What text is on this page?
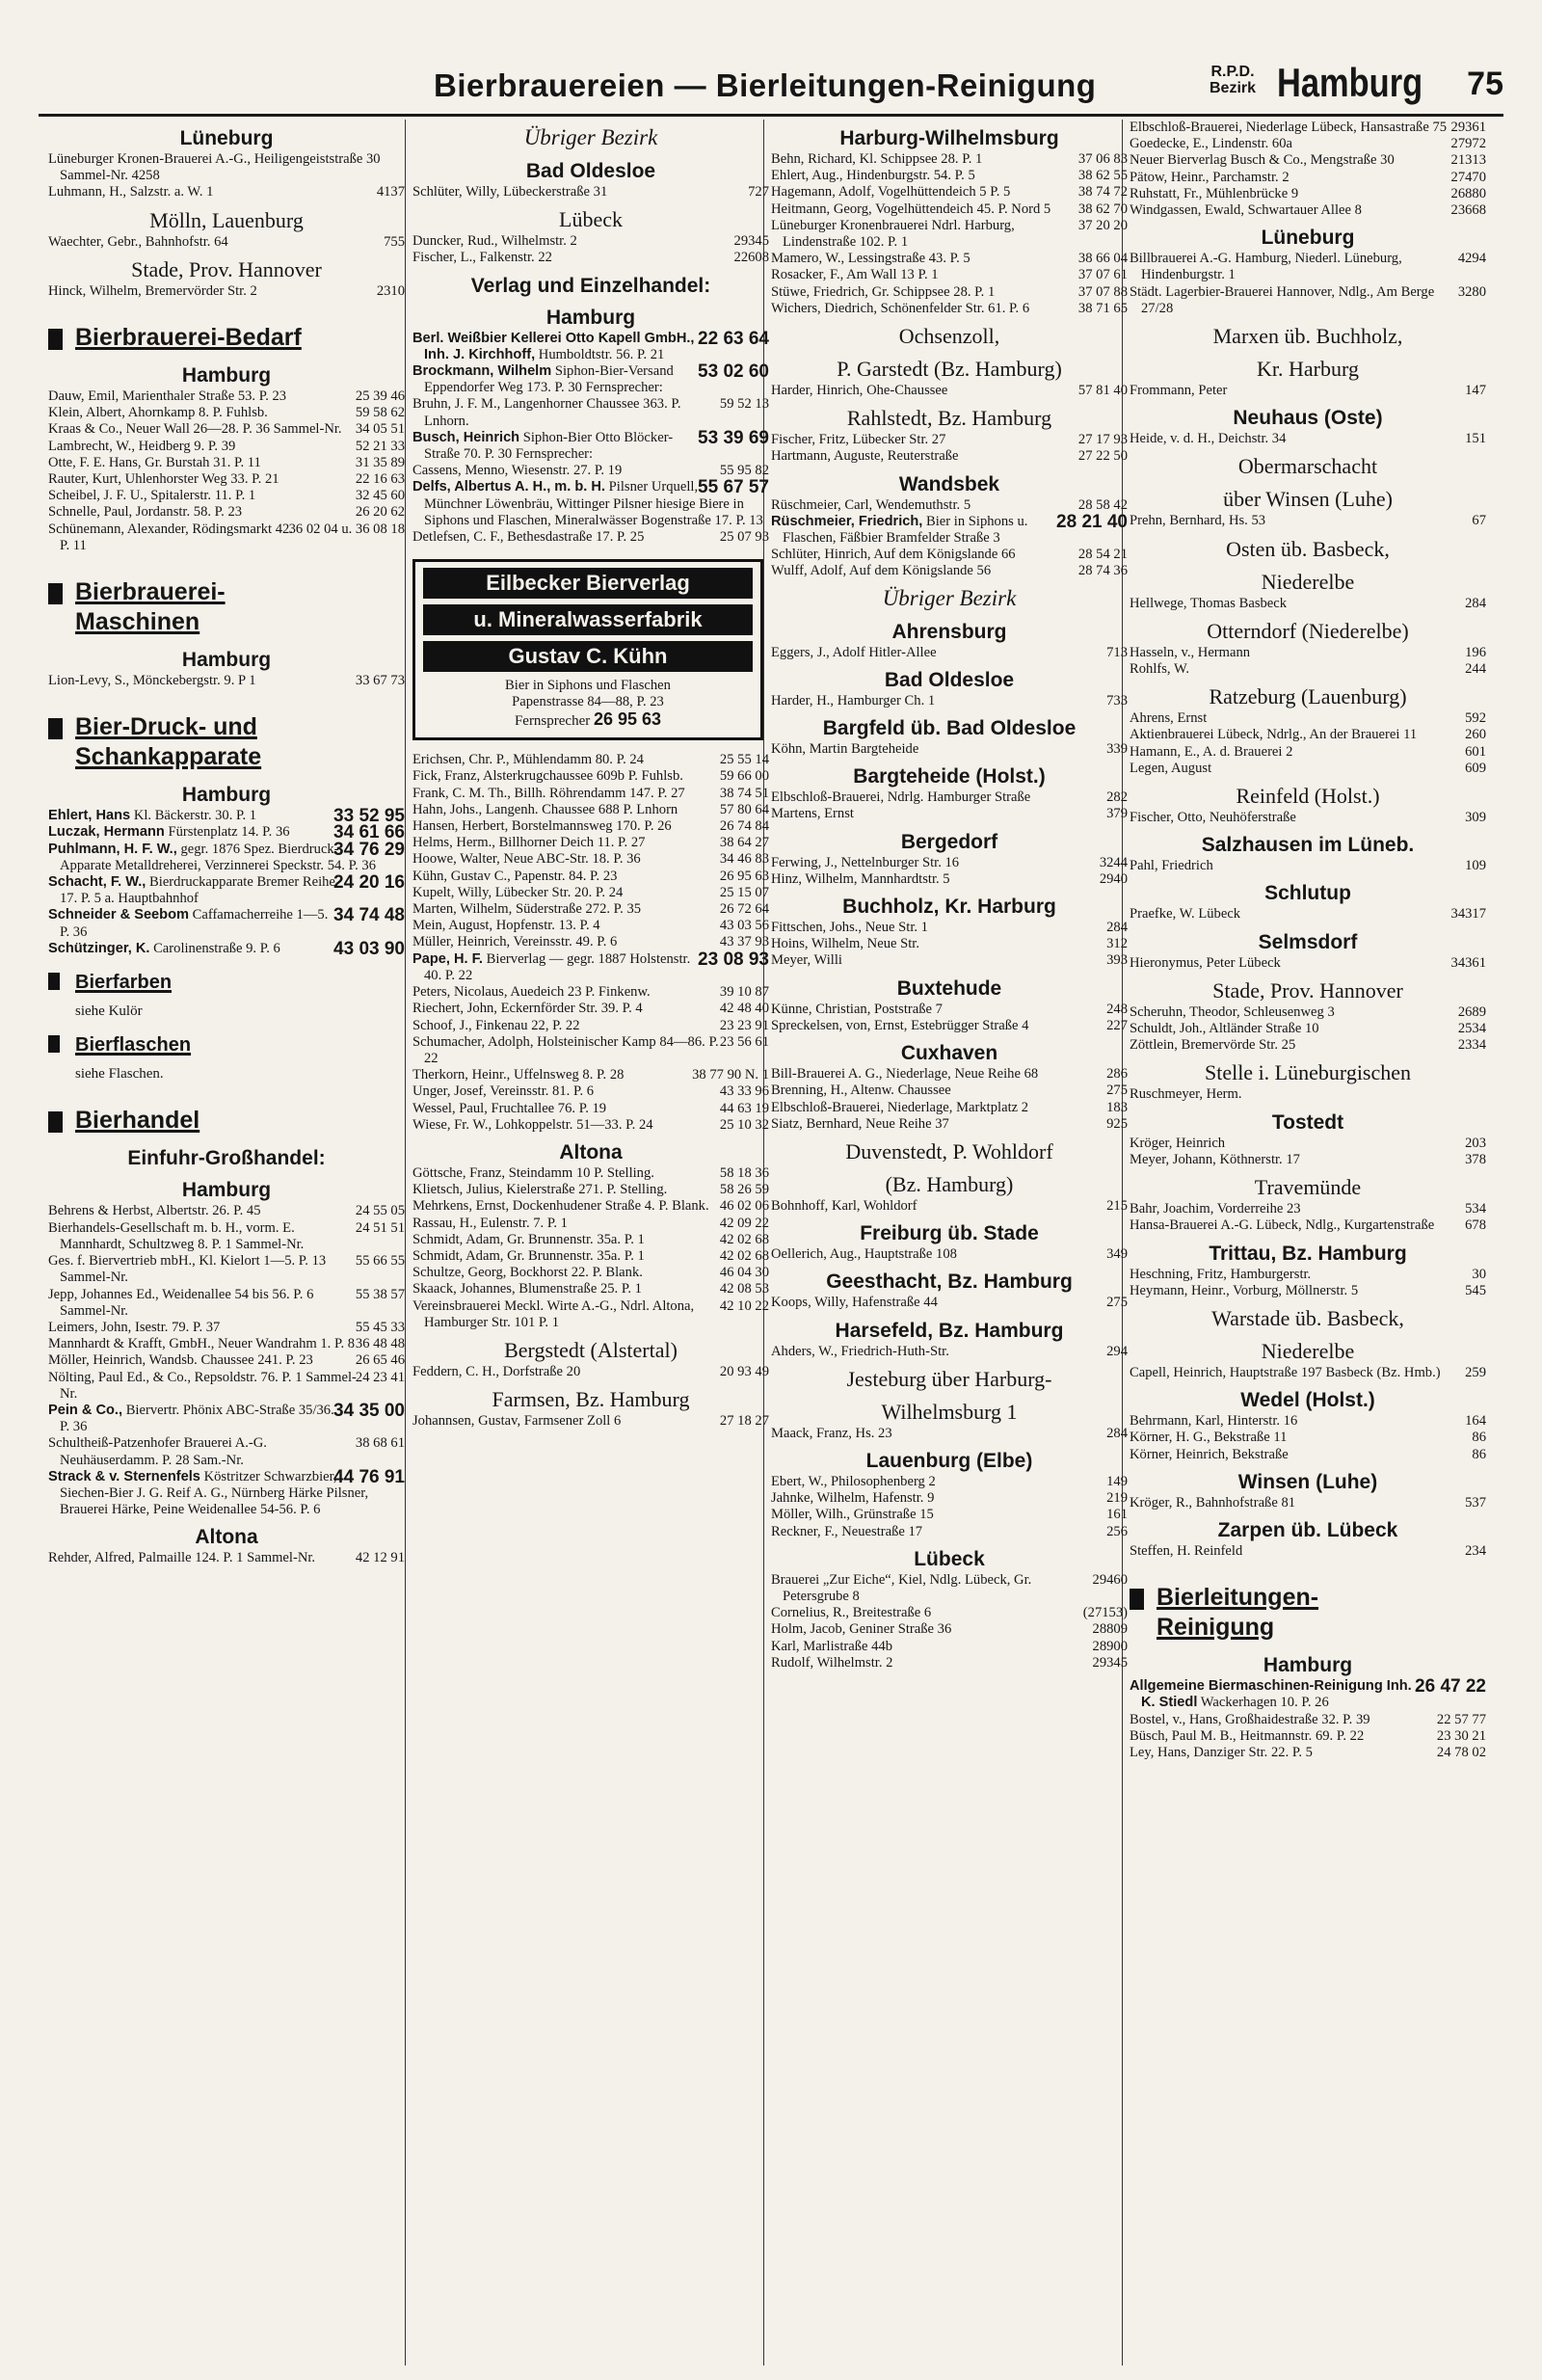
Bierbrauereien — Bierleitungen-Reinigung	R.P.D.
Bezirk Hamburg 75
Lüneburg

Lüneburger Kronen-Brauerei A.-G., Heiligengeiststraße 30 Sammel-Nr. 4258

4137
Luhmann, H., Salzstr. a. W. 1

Mölln, Lauenburg

755
Waechter, Gebr., Bahnhofstr. 64

Stade, Prov. Hannover

2310
Hinck, Wilhelm, Bremervörder Str. 2

Bierbrauerei-Bedarf
Hamburg

25 39 46
Dauw, Emil, Marienthaler Straße 53. P. 23

59 58 62
Klein, Albert, Ahornkamp 8. P. Fuhlsb.

34 05 51
Kraas & Co., Neuer Wall 26—28. P. 36 Sammel-Nr.

52 21 33
Lambrecht, W., Heidberg 9. P. 39

31 35 89
Otte, F. E. Hans, Gr. Burstah 31. P. 11

22 16 63
Rauter, Kurt, Uhlenhorster Weg 33. P. 21

32 45 60
Scheibel, J. F. U., Spitalerstr. 11. P. 1

26 20 62
Schnelle, Paul, Jordanstr. 58. P. 23

36 02 04 u. 36 08 18
Schünemann, Alexander, Rödingsmarkt 42. P. 11

Bierbrauerei-
Maschinen
Hamburg

33 67 73
Lion-Levy, S., Mönckebergstr. 9. P 1

Bier-Druck- und
Schankapparate
Hamburg

33 52 95
Ehlert, Hans Kl. Bäckerstr. 30. P. 1

34 61 66
Luczak, Hermann Fürstenplatz 14. P. 36

34 76 29
Puhlmann, H. F. W., gegr. 1876 Spez. Bierdruck-Apparate Metalldreherei, Verzinnerei Speckstr. 54. P. 36

24 20 16
Schacht, F. W., Bierdruckapparate Bremer Reihe 17. P. 5 a. Hauptbahnhof

34 74 48
Schneider & Seebom Caffamacherreihe 1—5. P. 36

43 03 90
Schützinger, K. Carolinenstraße 9. P. 6

Bierfarben
siehe Kulör
Bierflaschen
siehe Flaschen.
Bierhandel
Einfuhr-Großhandel:
Hamburg

24 55 05
Behrens & Herbst, Albertstr. 26. P. 45

24 51 51
Bierhandels-Gesellschaft m. b. H., vorm. E. Mannhardt, Schultzweg 8. P. 1 Sammel-Nr.

55 66 55
Ges. f. Biervertrieb mbH., Kl. Kielort 1—5. P. 13 Sammel-Nr.

55 38 57
Jepp, Johannes Ed., Weidenallee 54 bis 56. P. 6 Sammel-Nr.

55 45 33
Leimers, John, Isestr. 79. P. 37

36 48 48
Mannhardt & Krafft, GmbH., Neuer Wandrahm 1. P. 8

26 65 46
Möller, Heinrich, Wandsb. Chaussee 241. P. 23

24 23 41
Nölting, Paul Ed., & Co., Repsoldstr. 76. P. 1 Sammel-Nr.

34 35 00
Pein & Co., Biervertr. Phönix ABC-Straße 35/36. P. 36

38 68 61
Schultheiß-Patzenhofer Brauerei A.-G. Neuhäuserdamm. P. 28 Sam.-Nr.

44 76 91
Strack & v. Sternenfels Köstritzer Schwarzbier, Siechen-Bier J. G. Reif A. G., Nürnberg Härke Pilsner, Brauerei Härke, Peine Weidenallee 54-56. P. 6

Altona

42 12 91
Rehder, Alfred, Palmaille 124. P. 1 Sammel-Nr.

Übriger Bezirk
Bad Oldesloe

727
Schlüter, Willy, Lübeckerstraße 31

Lübeck

29345
Duncker, Rud., Wilhelmstr. 2

22608
Fischer, L., Falkenstr. 22

Verlag und Einzelhandel:
Hamburg

22 63 64
Berl. Weißbier Kellerei Otto Kapell GmbH., Inh. J. Kirchhoff, Humboldtstr. 56. P. 21

53 02 60
Brockmann, Wilhelm Siphon-Bier-Versand Eppendorfer Weg 173. P. 30 Fernsprecher:

59 52 13
Bruhn, J. F. M., Langenhorner Chaussee 363. P. Lnhorn.

53 39 69
Busch, Heinrich Siphon-Bier Otto Blöcker-Straße 70. P. 30 Fernsprecher:

55 95 82
Cassens, Menno, Wiesenstr. 27. P. 19

55 67 57
Delfs, Albertus A. H., m. b. H. Pilsner Urquell, Münchner Löwenbräu, Wittinger Pilsner hiesige Biere in Siphons und Flaschen, Mineralwässer Bogenstraße 17. P. 13

25 07 93
Detlefsen, C. F., Bethesdastraße 17. P. 25

Eilbecker Bierverlag
u. Mineralwasserfabrik
Gustav C. Kühn
Bier in Siphons und Flaschen
Papenstrasse 84—88, P. 23
Fernsprecher 26 95 63

25 55 14
Erichsen, Chr. P., Mühlendamm 80. P. 24

59 66 00
Fick, Franz, Alsterkrugchaussee 609b P. Fuhlsb.

38 74 51
Frank, C. M. Th., Billh. Röhrendamm 147. P. 27

57 80 64
Hahn, Johs., Langenh. Chaussee 688 P. Lnhorn

26 74 84
Hansen, Herbert, Borstelmannsweg 170. P. 26

38 64 27
Helms, Herm., Billhorner Deich 11. P. 27

34 46 83
Hoowe, Walter, Neue ABC-Str. 18. P. 36

26 95 63
Kühn, Gustav C., Papenstr. 84. P. 23

25 15 07
Kupelt, Willy, Lübecker Str. 20. P. 24

26 72 64
Marten, Wilhelm, Süderstraße 272. P. 35

43 03 56
Mein, August, Hopfenstr. 13. P. 4

43 37 93
Müller, Heinrich, Vereinsstr. 49. P. 6

23 08 93
Pape, H. F. Bierverlag — gegr. 1887 Holstenstr. 40. P. 22

39 10 87
Peters, Nicolaus, Auedeich 23 P. Finkenw.

42 48 40
Riechert, John, Eckernförder Str. 39. P. 4

23 23 91
Schoof, J., Finkenau 22, P. 22

23 56 61
Schumacher, Adolph, Holsteinischer Kamp 84—86. P. 22

38 77 90 N. 1
Therkorn, Heinr., Uffelnsweg 8. P. 28

43 33 96
Unger, Josef, Vereinsstr. 81. P. 6

44 63 19
Wessel, Paul, Fruchtallee 76. P. 19

25 10 32
Wiese, Fr. W., Lohkoppelstr. 51—33. P. 24

Altona

58 18 36
Göttsche, Franz, Steindamm 10 P. Stelling.

58 26 59
Klietsch, Julius, Kielerstraße 271. P. Stelling.

46 02 06
Mehrkens, Ernst, Dockenhudener Straße 4. P. Blank.

42 09 22
Rassau, H., Eulenstr. 7. P. 1

42 02 68
Schmidt, Adam, Gr. Brunnenstr. 35a. P. 1

42 02 68
Schmidt, Adam, Gr. Brunnenstr. 35a. P. 1

46 04 30
Schultze, Georg, Bockhorst 22. P. Blank.

42 08 53
Skaack, Johannes, Blumenstraße 25. P. 1

42 10 22
Vereinsbrauerei Meckl. Wirte A.-G., Ndrl. Altona, Hamburger Str. 101 P. 1

Bergstedt (Alstertal)

20 93 49
Feddern, C. H., Dorfstraße 20

Farmsen, Bz. Hamburg

27 18 27
Johannsen, Gustav, Farmsener Zoll 6

Harburg-Wilhelmsburg

37 06 83
Behn, Richard, Kl. Schippsee 28. P. 1

38 62 55
Ehlert, Aug., Hindenburgstr. 54. P. 5

38 74 72
Hagemann, Adolf, Vogelhüttendeich 5 P. 5

38 62 70
Heitmann, Georg, Vogelhüttendeich 45. P. Nord 5

37 20 20
Lüneburger Kronenbrauerei Ndrl. Harburg, Lindenstraße 102. P. 1

38 66 04
Mamero, W., Lessingstraße 43. P. 5

37 07 61
Rosacker, F., Am Wall 13 P. 1

37 07 88
Stüwe, Friedrich, Gr. Schippsee 28. P. 1

38 71 65
Wichers, Diedrich, Schönenfelder Str. 61. P. 6

Ochsenzoll,
P. Garstedt (Bz. Hamburg)

57 81 40
Harder, Hinrich, Ohe-Chaussee

Rahlstedt, Bz. Hamburg

27 17 93
Fischer, Fritz, Lübecker Str. 27

27 22 50
Hartmann, Auguste, Reuterstraße

Wandsbek

28 58 42
Rüschmeier, Carl, Wendemuthstr. 5

28 21 40
Rüschmeier, Friedrich, Bier in Siphons u. Flaschen, Fäßbier Bramfelder Straße 3

28 54 21
Schlüter, Hinrich, Auf dem Königslande 66

28 74 36
Wulff, Adolf, Auf dem Königslande 56

Übriger Bezirk
Ahrensburg

713
Eggers, J., Adolf Hitler-Allee

Bad Oldesloe

733
Harder, H., Hamburger Ch. 1

Bargfeld üb. Bad Oldesloe

339
Köhn, Martin Bargteheide

Bargteheide (Holst.)

282
Elbschloß-Brauerei, Ndrlg. Hamburger Straße

379
Martens, Ernst

Bergedorf

3244
Ferwing, J., Nettelnburger Str. 16

2940
Hinz, Wilhelm, Mannhardtstr. 5

Buchholz, Kr. Harburg

284
Fittschen, Johs., Neue Str. 1

312
Hoins, Wilhelm, Neue Str.

393
Meyer, Willi

Buxtehude

248
Künne, Christian, Poststraße 7

227
Spreckelsen, von, Ernst, Estebrügger Straße 4

Cuxhaven

286
Bill-Brauerei A. G., Niederlage, Neue Reihe 68

275
Brenning, H., Altenw. Chaussee

183
Elbschloß-Brauerei, Niederlage, Marktplatz 2

925
Siatz, Bernhard, Neue Reihe 37

Duvenstedt, P. Wohldorf
(Bz. Hamburg)

215
Bohnhoff, Karl, Wohldorf

Freiburg üb. Stade

349
Oellerich, Aug., Hauptstraße 108

Geesthacht, Bz. Hamburg

275
Koops, Willy, Hafenstraße 44

Harsefeld, Bz. Hamburg

294
Ahders, W., Friedrich-Huth-Str.

Jesteburg über Harburg-
Wilhelmsburg 1

284
Maack, Franz, Hs. 23

Lauenburg (Elbe)

149
Ebert, W., Philosophenberg 2

219
Jahnke, Wilhelm, Hafenstr. 9

161
Möller, Wilh., Grünstraße 15

256
Reckner, F., Neuestraße 17

Lübeck

29460
Brauerei „Zur Eiche“, Kiel, Ndlg. Lübeck, Gr. Petersgrube 8

(27153)
Cornelius, R., Breitestraße 6

28809
Holm, Jacob, Geniner Straße 36

28900
Karl, Marlistraße 44b

29345
Rudolf, Wilhelmstr. 2

29361
Elbschloß-Brauerei, Niederlage Lübeck, Hansastraße 75

27972
Goedecke, E., Lindenstr. 60a

21313
Neuer Bierverlag Busch & Co., Mengstraße 30

27470
Pätow, Heinr., Parchamstr. 2

26880
Ruhstatt, Fr., Mühlenbrücke 9

23668
Windgassen, Ewald, Schwartauer Allee 8

Lüneburg

4294
Billbrauerei A.-G. Hamburg, Niederl. Lüneburg, Hindenburgstr. 1

3280
Städt. Lagerbier-Brauerei Hannover, Ndlg., Am Berge 27/28

Marxen üb. Buchholz,
Kr. Harburg

147
Frommann, Peter

Neuhaus (Oste)

151
Heide, v. d. H., Deichstr. 34

Obermarschacht
über Winsen (Luhe)

67
Prehn, Bernhard, Hs. 53

Osten üb. Basbeck,
Niederelbe

284
Hellwege, Thomas Basbeck

Otterndorf (Niederelbe)

196
Hasseln, v., Hermann

244
Rohlfs, W.

Ratzeburg (Lauenburg)

592
Ahrens, Ernst

260
Aktienbrauerei Lübeck, Ndrlg., An der Brauerei 11

601
Hamann, E., A. d. Brauerei 2

609
Legen, August

Reinfeld (Holst.)

309
Fischer, Otto, Neuhöferstraße

Salzhausen im Lüneb.

109
Pahl, Friedrich

Schlutup

34317
Praefke, W. Lübeck

Selmsdorf

34361
Hieronymus, Peter Lübeck

Stade, Prov. Hannover

2689
Scheruhn, Theodor, Schleusenweg 3

2534
Schuldt, Joh., Altländer Straße 10

2334
Zöttlein, Bremervörde Str. 25

Stelle i. Lüneburgischen

Ruschmeyer, Herm.

Tostedt

203
Kröger, Heinrich

378
Meyer, Johann, Köthnerstr. 17

Travemünde

534
Bahr, Joachim, Vorderreihe 23

678
Hansa-Brauerei A.-G. Lübeck, Ndlg., Kurgartenstraße

Trittau, Bz. Hamburg

30
Heschning, Fritz, Hamburgerstr.

545
Heymann, Heinr., Vorburg, Möllnerstr. 5

Warstade üb. Basbeck,
Niederelbe

259
Capell, Heinrich, Hauptstraße 197 Basbeck (Bz. Hmb.)

Wedel (Holst.)

164
Behrmann, Karl, Hinterstr. 16

86
Körner, H. G., Bekstraße 11

86
Körner, Heinrich, Bekstraße

Winsen (Luhe)

537
Kröger, R., Bahnhofstraße 81

Zarpen üb. Lübeck

234
Steffen, H. Reinfeld

Bierleitungen-
Reinigung
Hamburg

26 47 22
Allgemeine Biermaschinen-Reinigung Inh. K. Stiedl Wackerhagen 10. P. 26

22 57 77
Bostel, v., Hans, Großhaidestraße 32. P. 39

23 30 21
Büsch, Paul M. B., Heitmannstr. 69. P. 22

24 78 02
Ley, Hans, Danziger Str. 22. P. 5
